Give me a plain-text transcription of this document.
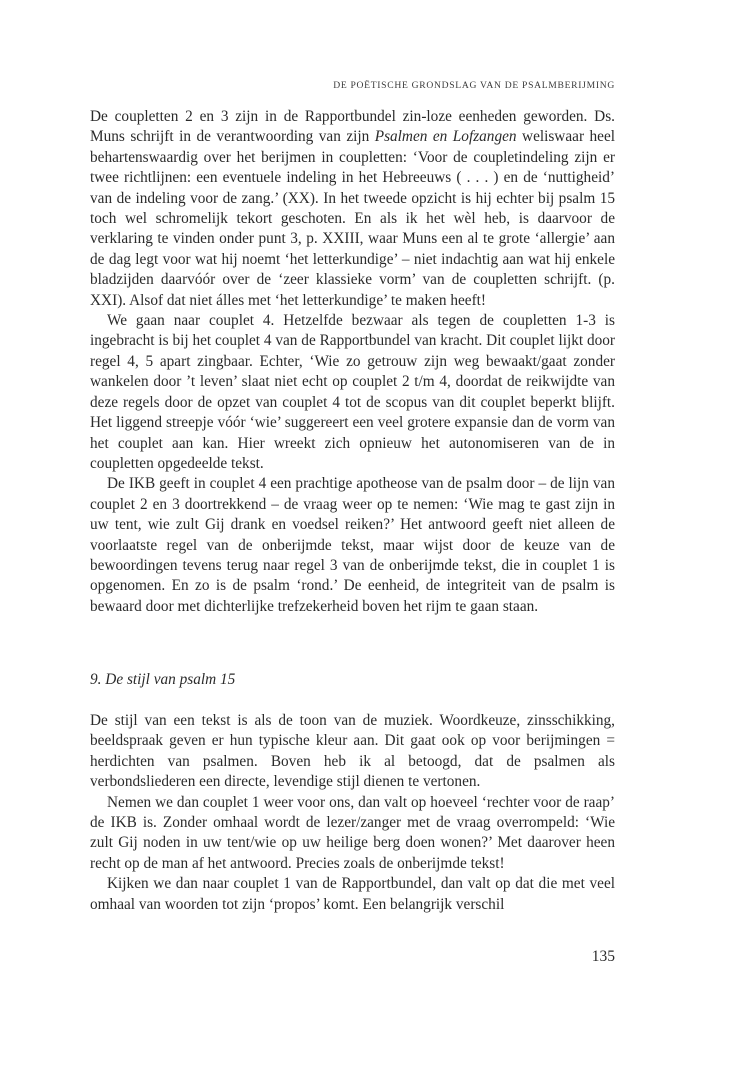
DE POËTISCHE GRONDSLAG VAN DE PSALMBERIJMING

De coupletten 2 en 3 zijn in de Rapportbundel zin-loze eenheden geworden. Ds. Muns schrijft in de verantwoording van zijn Psalmen en Lofzangen weliswaar heel behartenswaardig over het berijmen in coupletten: ‘Voor de coupletindeling zijn er twee richtlijnen: een eventuele indeling in het Hebreeuws ( . . . ) en de ‘nuttigheid’ van de indeling voor de zang.’ (XX). In het tweede opzicht is hij echter bij psalm 15 toch wel schromelijk tekort geschoten. En als ik het wèl heb, is daarvoor de verklaring te vinden onder punt 3, p. XXIII, waar Muns een al te grote ‘allergie’ aan de dag legt voor wat hij noemt ‘het letterkundige’ – niet indachtig aan wat hij enkele bladzijden daarvóór over de ‘zeer klassieke vorm’ van de coupletten schrijft. (p. XXI). Alsof dat niet álles met ‘het letterkundige’ te maken heeft!

We gaan naar couplet 4. Hetzelfde bezwaar als tegen de coupletten 1-3 is ingebracht is bij het couplet 4 van de Rapportbundel van kracht. Dit couplet lijkt door regel 4, 5 apart zingbaar. Echter, ‘Wie zo getrouw zijn weg bewaakt/gaat zonder wankelen door ’t leven’ slaat niet echt op couplet 2 t/m 4, doordat de reikwijdte van deze regels door de opzet van couplet 4 tot de scopus van dit couplet beperkt blijft. Het liggend streepje vóór ‘wie’ suggereert een veel grotere expansie dan de vorm van het couplet aan kan. Hier wreekt zich opnieuw het autonomiseren van de in coupletten opgedeelde tekst.

De IKB geeft in couplet 4 een prachtige apotheose van de psalm door – de lijn van couplet 2 en 3 doortrekkend – de vraag weer op te nemen: ‘Wie mag te gast zijn in uw tent, wie zult Gij drank en voedsel reiken?’ Het antwoord geeft niet alleen de voorlaatste regel van de onberijmde tekst, maar wijst door de keuze van de bewoordingen tevens terug naar regel 3 van de onberijmde tekst, die in couplet 1 is opgenomen. En zo is de psalm ‘rond.’ De eenheid, de integriteit van de psalm is bewaard door met dichterlijke trefzekerheid boven het rijm te gaan staan.

9. De stijl van psalm 15

De stijl van een tekst is als de toon van de muziek. Woordkeuze, zinsschikking, beeldspraak geven er hun typische kleur aan. Dit gaat ook op voor berijmingen = herdichten van psalmen. Boven heb ik al betoogd, dat de psalmen als verbondsliederen een directe, levendige stijl dienen te vertonen.

Nemen we dan couplet 1 weer voor ons, dan valt op hoeveel ‘rechter voor de raap’ de IKB is. Zonder omhaal wordt de lezer/zanger met de vraag overrompeld: ‘Wie zult Gij noden in uw tent/wie op uw heilige berg doen wonen?’ Met daarover heen recht op de man af het antwoord. Precies zoals de onberijmde tekst!

Kijken we dan naar couplet 1 van de Rapportbundel, dan valt op dat die met veel omhaal van woorden tot zijn ‘propos’ komt. Een belangrijk verschil

135
